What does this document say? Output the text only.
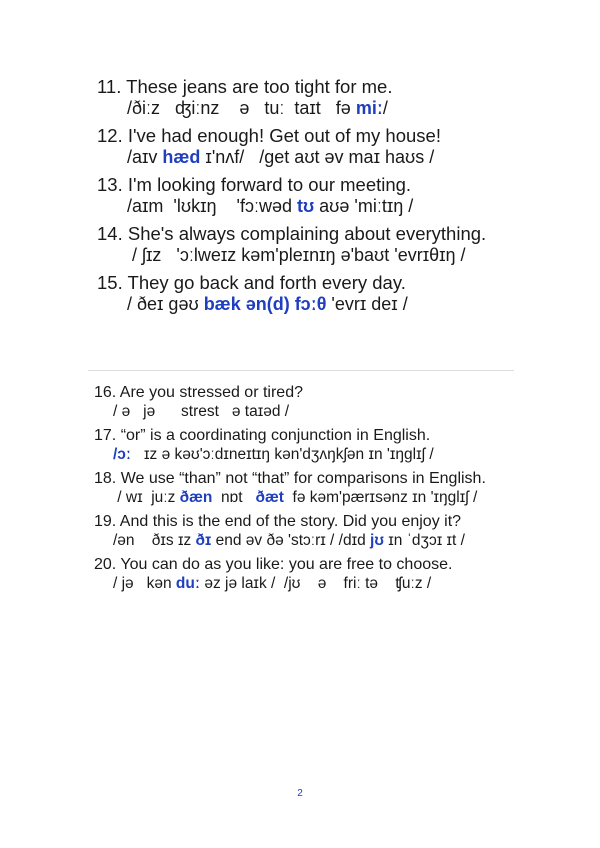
11. These jeans are too tight for me.
/ðiːz   ʤiːnz    ə   tuː  taɪt   fə miː/
12. I've had enough! Get out of my house!
/aɪv hæd ɪ'nʌf/   /get aʊt əv maɪ haʊs /
13. I'm looking forward to our meeting.
/aɪm  'lʊkɪŋ    'fɔːwəd tʊ aʊə 'miːtɪŋ /
14. She's always complaining about everything.
/ ʃɪz   'ɔːlweɪz kəm'pleɪnɪŋ ə'baʊt 'evrɪθɪŋ /
15. They go back and forth every day.
/ ðeɪ gəʊ bæk ən(d) fɔːθ 'evrɪ deɪ /
16. Are you stressed or tired?
/ ə   jə      strest   ə taɪəd /
17. “or” is a coordinating conjunction in English.
/ɔː   ɪz ə kəʊ'ɔːdɪneɪtɪŋ kən'dʒʌŋkʃən ɪn 'ɪŋglɪʃ /
18. We use “than” not “that” for comparisons in English.
/ wɪ  juːz ðæn  nɒt   ðæt  fə kəm'pærɪsənz ɪn 'ɪŋglɪʃ /
19. And this is the end of the story. Did you enjoy it?
/ən    ðɪs ɪz ðɪ end əv ðə 'stɔːrɪ / /dɪd jʊ ɪn ˈdʒɔɪ ɪt /
20. You can do as you like: you are free to choose.
/ jə   kən duː əz jə laɪk /  /jʊ    ə    friː tə    ʧuːz /
2
